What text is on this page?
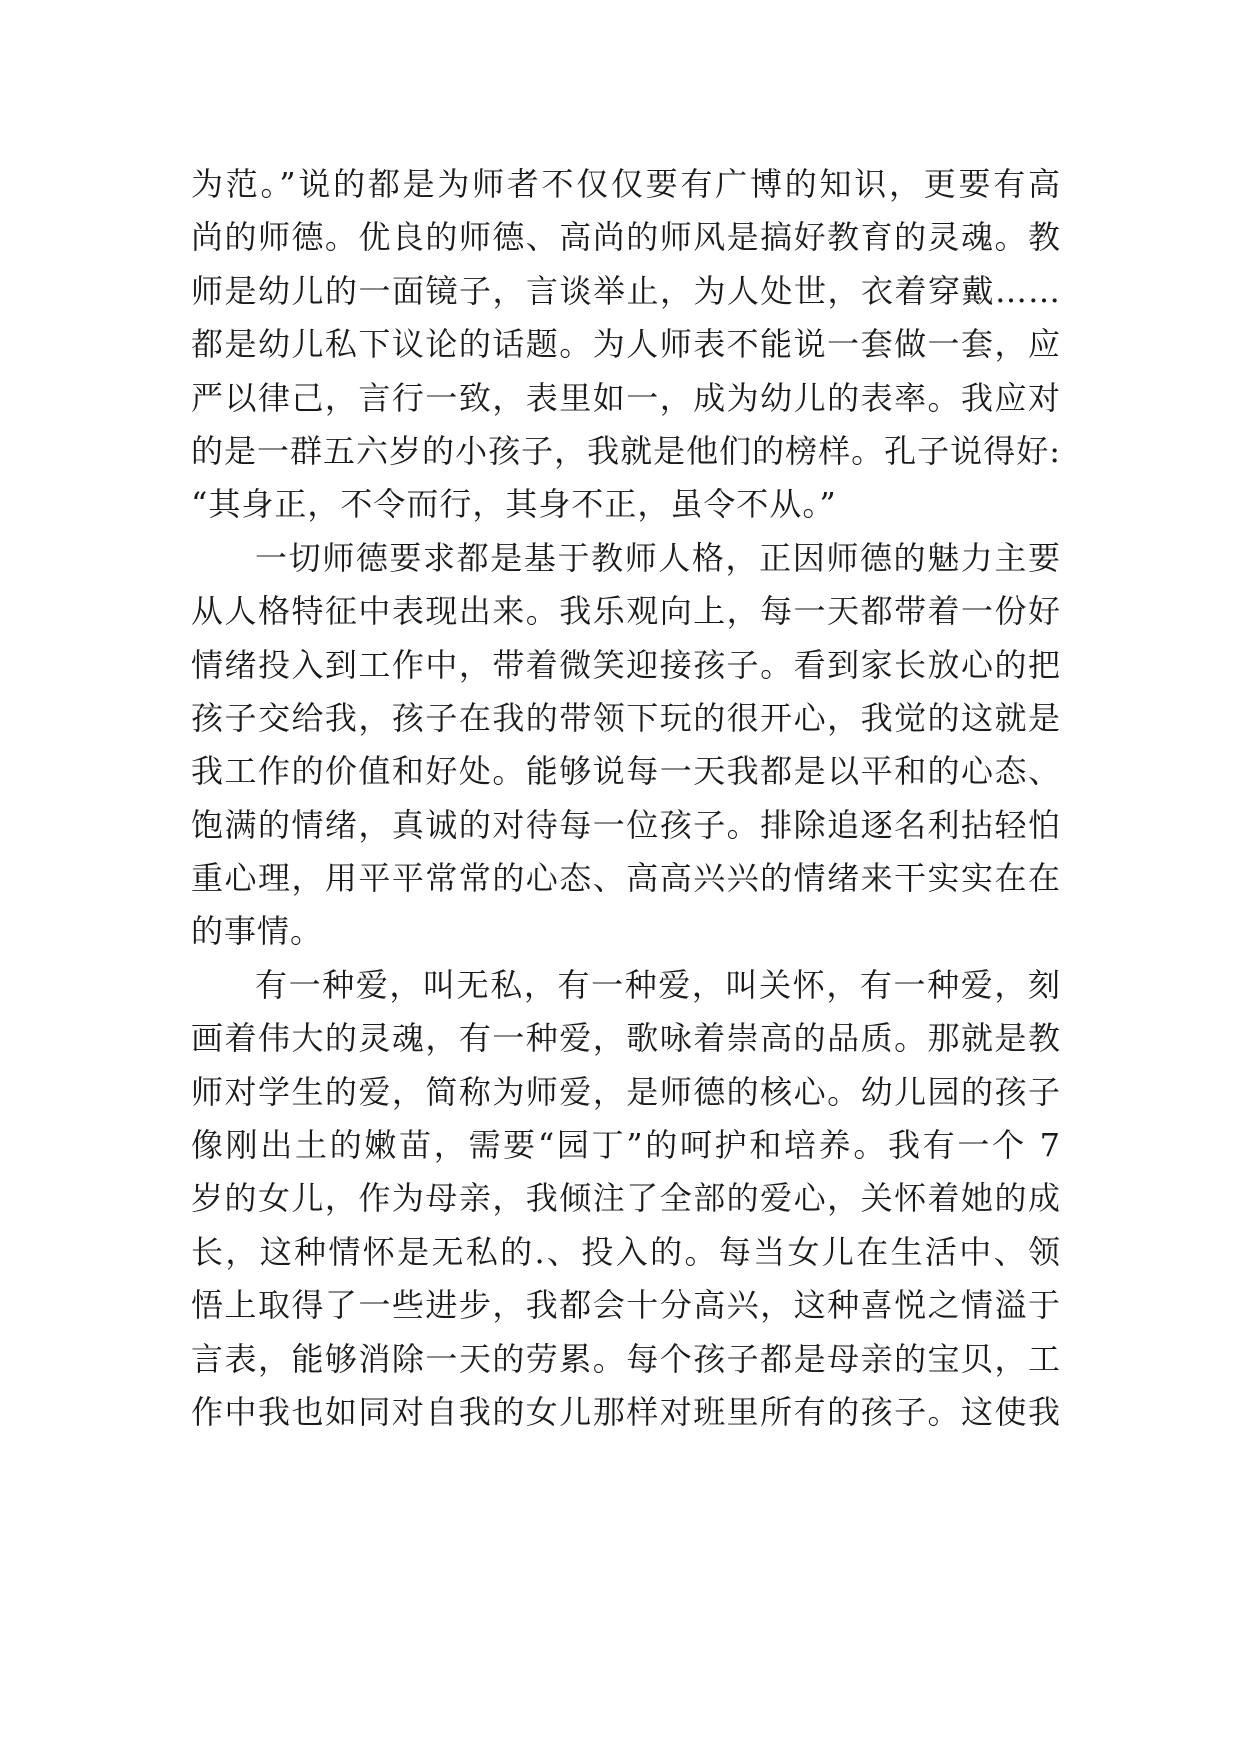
为范。”说的都是为师者不仅仅要有广博的知识，更要有高
尚的师德。优良的师德、高尚的师风是搞好教育的灵魂。教
师是幼儿的一面镜子，言谈举止，为人处世，衣着穿戴……
都是幼儿私下议论的话题。为人师表不能说一套做一套，应
严以律己，言行一致，表里如一，成为幼儿的表率。我应对
的是一群五六岁的小孩子，我就是他们的榜样。孔子说得好:
“其身正，不令而行，其身不正，虽令不从。”
一切师德要求都是基于教师人格，正因师德的魅力主要
从人格特征中表现出来。我乐观向上，每一天都带着一份好
情绪投入到工作中，带着微笑迎接孩子。看到家长放心的把
孩子交给我，孩子在我的带领下玩的很开心，我觉的这就是
我工作的价值和好处。能够说每一天我都是以平和的心态、
饱满的情绪，真诚的对待每一位孩子。排除追逐名利拈轻怕
重心理，用平平常常的心态、高高兴兴的情绪来干实实在在
的事情。
有一种爱，叫无私，有一种爱，叫关怀，有一种爱，刻
画着伟大的灵魂，有一种爱，歌咏着崇高的品质。那就是教
师对学生的爱，简称为师爱，是师德的核心。幼儿园的孩子
像刚出土的嫩苗，需要“园丁”的呵护和培养。我有一个 7
岁的女儿，作为母亲，我倾注了全部的爱心，关怀着她的成
长，这种情怀是无私的.、投入的。每当女儿在生活中、领
悟上取得了一些进步，我都会十分高兴，这种喜悦之情溢于
言表，能够消除一天的劳累。每个孩子都是母亲的宝贝，工
作中我也如同对自我的女儿那样对班里所有的孩子。这使我
